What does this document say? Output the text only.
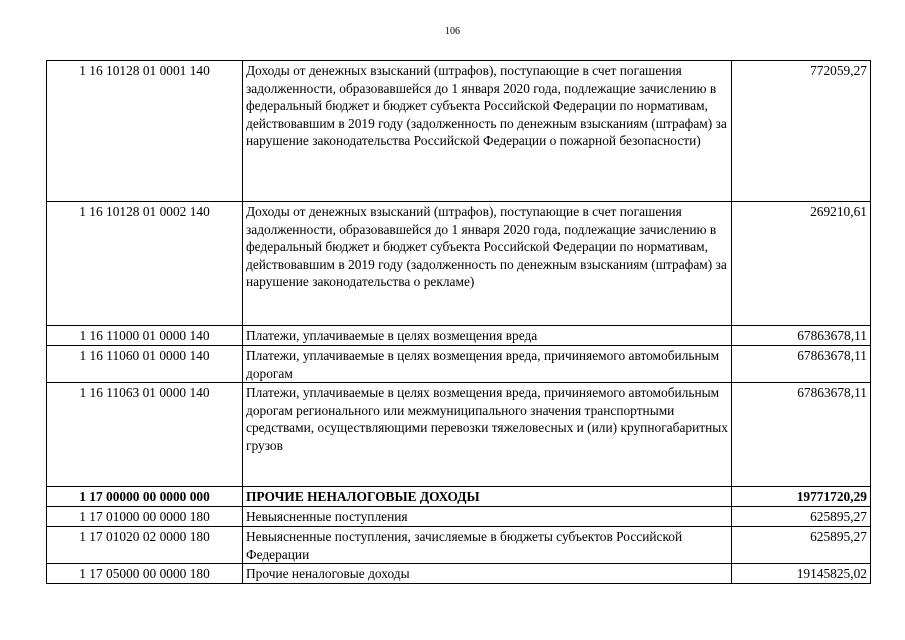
106
1 16 10128 01 0001 140	Доходы от денежных взысканий (штрафов), поступающие в счет погашения задолженности, образовавшейся до 1 января 2020 года, подлежащие зачислению в федеральный бюджет и бюджет субъекта Российской Федерации по нормативам, действовавшим в 2019 году (задолженность по денежным взысканиям (штрафам) за нарушение законодательства Российской Федерации о пожарной безопасности)	772059,27
1 16 10128 01 0002 140	Доходы от денежных взысканий (штрафов), поступающие в счет погашения задолженности, образовавшейся до 1 января 2020 года, подлежащие зачислению в федеральный бюджет и бюджет субъекта Российской Федерации по нормативам, действовавшим в 2019 году (задолженность по денежным взысканиям (штрафам) за нарушение законодательства о рекламе)	269210,61
1 16 11000 01 0000 140	Платежи, уплачиваемые в целях возмещения вреда	67863678,11
1 16 11060 01 0000 140	Платежи, уплачиваемые в целях возмещения вреда, причиняемого автомобильным дорогам	67863678,11
1 16 11063 01 0000 140	Платежи, уплачиваемые в целях возмещения вреда, причиняемого автомобильным дорогам регионального или межмуниципального значения транспортными средствами, осуществляющими перевозки тяжеловесных и (или) крупногабаритных грузов	67863678,11
1 17 00000 00 0000 000	ПРОЧИЕ НЕНАЛОГОВЫЕ ДОХОДЫ	19771720,29
1 17 01000 00 0000 180	Невыясненные поступления	625895,27
1 17 01020 02 0000 180	Невыясненные поступления, зачисляемые в бюджеты субъектов Российской Федерации	625895,27
1 17 05000 00 0000 180	Прочие неналоговые доходы	19145825,02
